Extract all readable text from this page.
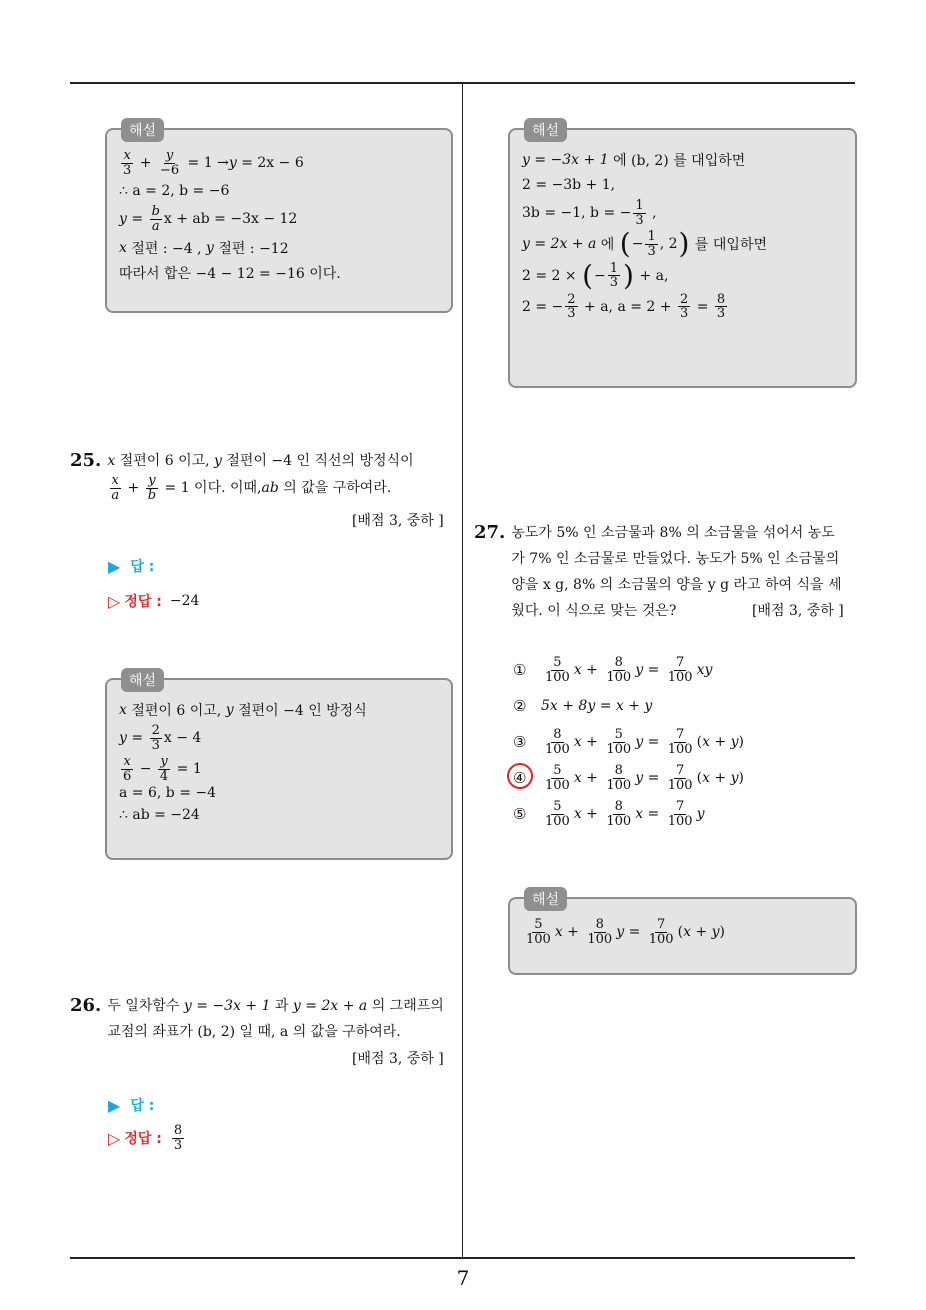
해설
$\frac{x}{3} + \frac{y}{-6}$
= 1 → y
= 2x − 6
∴ a = 2, b = −6
$y = \frac{b}{a}$ x + ab = −3x − 12
x
절편 : −4 ,
y
절편 : −12
따라서 합은 −4 − 12 = −16 이다.
25. x 절편이 6 이고, y 절편이 −4 인 직선의 방정식이
$\frac{x}{a} + \frac{y}{b}$
= 1 이다. 이때, ab
의 값을 구하여라.
[배점 3, 중하 ]
▶ 답 :
▷ 정답 : −24
해설
x
절편이 6 이고,
y
절편이 −4 인 방정식
$y = \frac{2}{3}$ x − 4
$\frac{x}{6} - \frac{y}{4}$
= 1
a = 6, b = −4
∴ ab = −24
26. 두 일차함수 y = −3x + 1 과 y = 2x + a 의 그래프의
교점의 좌표가 (b, 2) 일 때, a 의 값을 구하여라.
[배점 3, 중하 ]
▶ 답 :
▷ 정답 : $\frac{8}{3}$
해설
y = −3x + 1
에 (b, 2) 를 대입하면
2 = −3b + 1,
3b = −1, b = − $\frac{1}{3}$ ,
y = 2x + a
에
( − $\frac{1}{3}$ , 2 )
를 대입하면
2 = 2 ×
( − $\frac{1}{3}$ )
+ a,
2 = − $\frac{2}{3}$
+ a, a = 2 +
$\frac{2}{3}$
=
$\frac{8}{3}$
27. 농도가 5% 인 소금물과 8% 의 소금물을 섞어서 농도
가 7% 인 소금물로 만들었다. 농도가 5% 인 소금물의
양을 x g, 8% 의 소금물의 양을 y g 라고 하여 식을 세
웠다. 이 식으로 맞는 것은?	[배점 3, 중하 ]
①	$\frac{5}{100}$ $x + \frac{8}{100}$ $y = \frac{7}{100}$ xy
②	5x + 8y = x + y
③	$\frac{8}{100}$ $x + \frac{5}{100}$ $y = \frac{7}{100}$ ( x + y )
④	$\frac{5}{100}$ $x + \frac{8}{100}$ $y = \frac{7}{100}$ ( x + y )
⑤	$\frac{5}{100}$ $x + \frac{8}{100}$ $x = \frac{7}{100}$ y
해설
$\frac{5}{100}$ $x + \frac{8}{100}$ $y = \frac{7}{100}$ ( x + y )
7
